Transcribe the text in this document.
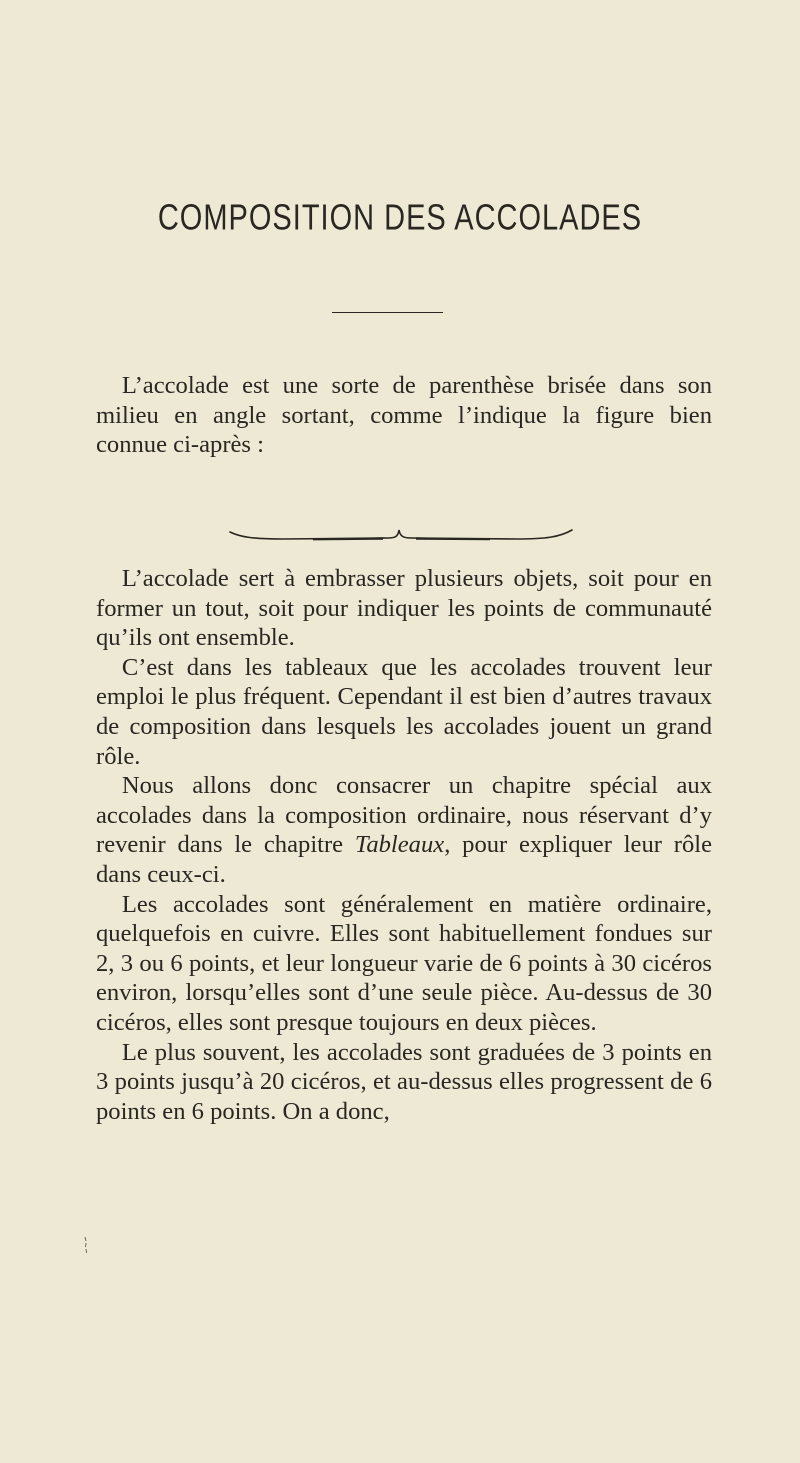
COMPOSITION DES ACCOLADES

L’accolade est une sorte de parenthèse brisée dans son milieu en angle sortant, comme l’indique la figure bien connue ci-après :

L’accolade sert à embrasser plusieurs objets, soit pour en former un tout, soit pour indiquer les points de communauté qu’ils ont ensemble.

C’est dans les tableaux que les accolades trouvent leur emploi le plus fréquent. Cependant il est bien d’autres travaux de composition dans lesquels les accolades jouent un grand rôle.

Nous allons donc consacrer un chapitre spécial aux accolades dans la composition ordinaire, nous réservant d’y revenir dans le chapitre Tableaux, pour expliquer leur rôle dans ceux-ci.

Les accolades sont généralement en matière ordinaire, quelquefois en cuivre. Elles sont habituellement fondues sur 2, 3 ou 6 points, et leur longueur varie de 6 points à 30 cicéros environ, lorsqu’elles sont d’une seule pièce. Au-dessus de 30 cicéros, elles sont presque toujours en deux pièces.

Le plus souvent, les accolades sont graduées de 3 points en 3 points jusqu’à 20 cicéros, et au-dessus elles progressent de 6 points en 6 points. On a donc,
